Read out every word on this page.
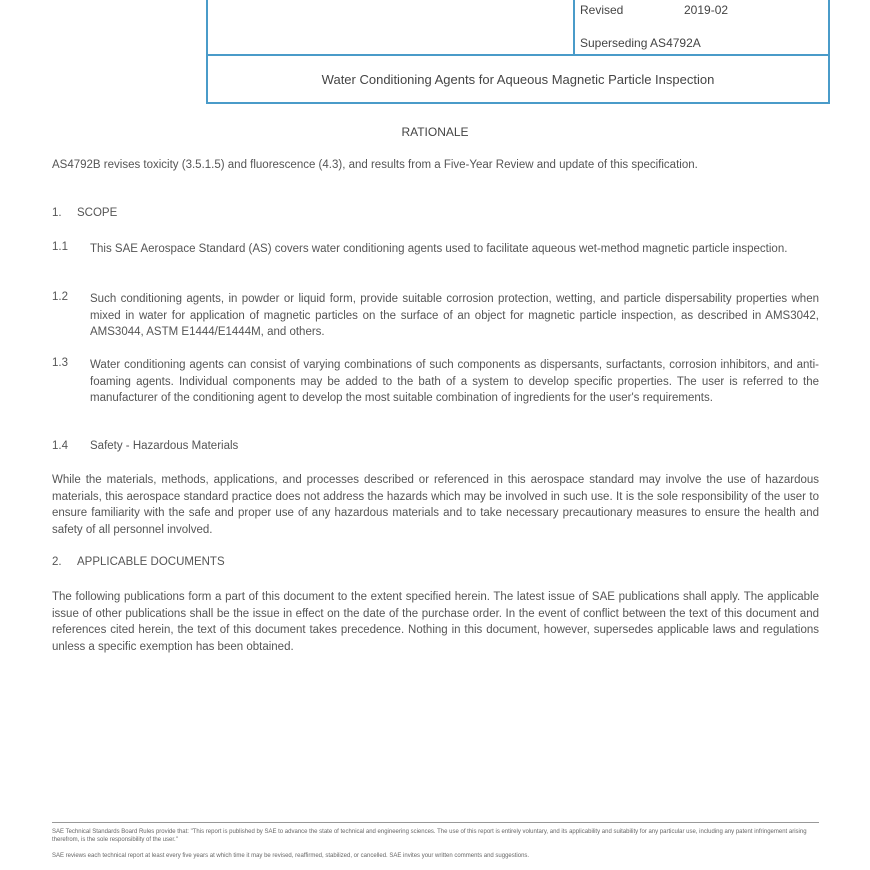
Revised	2019-02
Superseding AS4792A
Water Conditioning Agents for Aqueous Magnetic Particle Inspection
RATIONALE
AS4792B revises toxicity (3.5.1.5) and fluorescence (4.3), and results from a Five-Year Review and update of this specification.
1. SCOPE
1.1 This SAE Aerospace Standard (AS) covers water conditioning agents used to facilitate aqueous wet-method magnetic particle inspection.
1.2 Such conditioning agents, in powder or liquid form, provide suitable corrosion protection, wetting, and particle dispersability properties when mixed in water for application of magnetic particles on the surface of an object for magnetic particle inspection, as described in AMS3042, AMS3044, ASTM E1444/E1444M, and others.
1.3 Water conditioning agents can consist of varying combinations of such components as dispersants, surfactants, corrosion inhibitors, and anti-foaming agents. Individual components may be added to the bath of a system to develop specific properties. The user is referred to the manufacturer of the conditioning agent to develop the most suitable combination of ingredients for the user's requirements.
1.4 Safety - Hazardous Materials
While the materials, methods, applications, and processes described or referenced in this aerospace standard may involve the use of hazardous materials, this aerospace standard practice does not address the hazards which may be involved in such use. It is the sole responsibility of the user to ensure familiarity with the safe and proper use of any hazardous materials and to take necessary precautionary measures to ensure the health and safety of all personnel involved.
2. APPLICABLE DOCUMENTS
The following publications form a part of this document to the extent specified herein. The latest issue of SAE publications shall apply. The applicable issue of other publications shall be the issue in effect on the date of the purchase order. In the event of conflict between the text of this document and references cited herein, the text of this document takes precedence. Nothing in this document, however, supersedes applicable laws and regulations unless a specific exemption has been obtained.
SAE Technical Standards Board Rules provide that: "This report is published by SAE to advance the state of technical and engineering sciences. The use of this report is entirely voluntary, and its applicability and suitability for any particular use, including any patent infringement arising therefrom, is the sole responsibility of the user."
SAE reviews each technical report at least every five years at which time it may be revised, reaffirmed, stabilized, or cancelled. SAE invites your written comments and suggestions.
